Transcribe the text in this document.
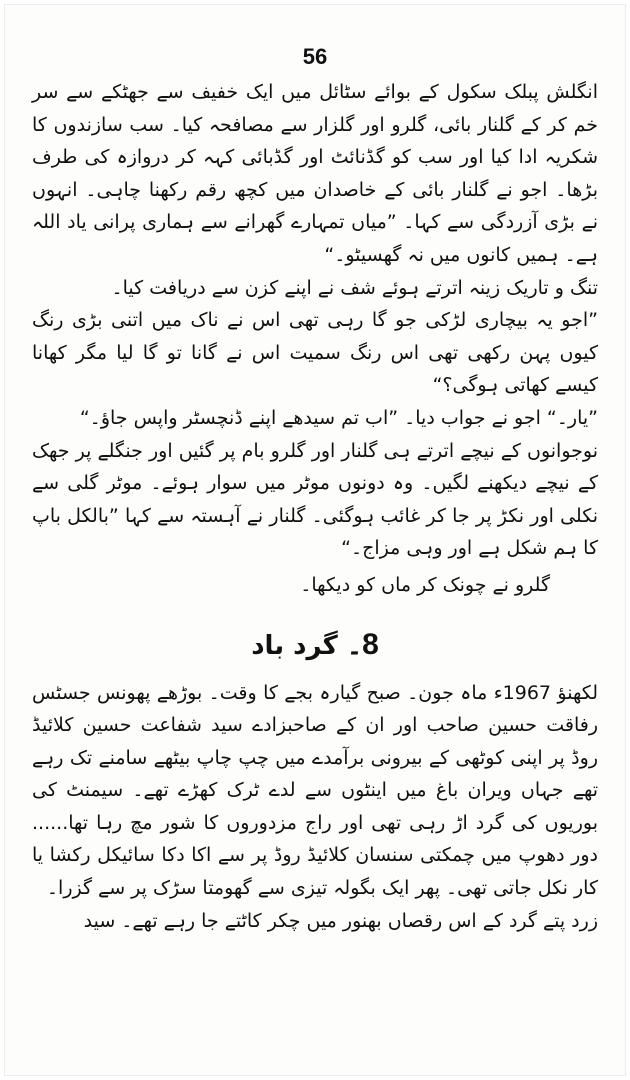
56

انگلش پبلک سکول کے بوائے سٹائل میں ایک خفیف سے جھٹکے سے سر خم کر کے گلنار بائی، گلرو اور گلزار سے مصافحہ کیا۔ سب سازندوں کا شکریہ ادا کیا اور سب کو گڈنائٹ اور گڈبائی کہہ کر دروازہ کی طرف بڑھا۔ اجو نے گلنار بائی کے خاصدان میں کچھ رقم رکھنا چاہی۔ انہوں نے بڑی آزردگی سے کہا۔ ”میاں تمہارے گھرانے سے ہماری پرانی یاد اللہ ہے۔ ہمیں کانوں میں نہ گھسیٹو۔“

تنگ و تاریک زینہ اترتے ہوئے شف نے اپنے کزن سے دریافت کیا۔

”اجو یہ بیچاری لڑکی جو گا رہی تھی اس نے ناک میں اتنی بڑی رنگ کیوں پہن رکھی تھی اس رنگ سمیت اس نے گانا تو گا لیا مگر کھانا کیسے کھاتی ہوگی؟“

”یار۔“ اجو نے جواب دیا۔ ”اب تم سیدھے اپنے ڈنچسٹر واپس جاؤ۔“

نوجوانوں کے نیچے اترتے ہی گلنار اور گلرو بام پر گئیں اور جنگلے پر جھک کے نیچے دیکھنے لگیں۔ وہ دونوں موٹر میں سوار ہوئے۔ موٹر گلی سے نکلی اور نکڑ پر جا کر غائب ہوگئی۔ گلنار نے آہستہ سے کہا ”بالکل باپ کا ہم شکل ہے اور وہی مزاج۔“

گلرو نے چونک کر ماں کو دیکھا۔

8۔ گرد باد

لکھنؤ 1967ء ماہ جون۔ صبح گیارہ بجے کا وقت۔ بوڑھے پھونس جسٹس رفاقت حسین صاحب اور ان کے صاحبزادے سید شفاعت حسین کلائیڈ روڈ پر اپنی کوٹھی کے بیرونی برآمدے میں چپ چاپ بیٹھے سامنے تک رہے تھے جہاں ویران باغ میں اینٹوں سے لدے ٹرک کھڑے تھے۔ سیمنٹ کی بوریوں کی گرد اڑ رہی تھی اور راج مزدوروں کا شور مچ رہا تھا...... دور دھوپ میں چمکتی سنسان کلائیڈ روڈ پر سے اکا دکا سائیکل رکشا یا کار نکل جاتی تھی۔ پھر ایک بگولہ تیزی سے گھومتا سڑک پر سے گزرا۔

زرد پتے گرد کے اس رقصاں بھنور میں چکر کاٹتے جا رہے تھے۔ سید
